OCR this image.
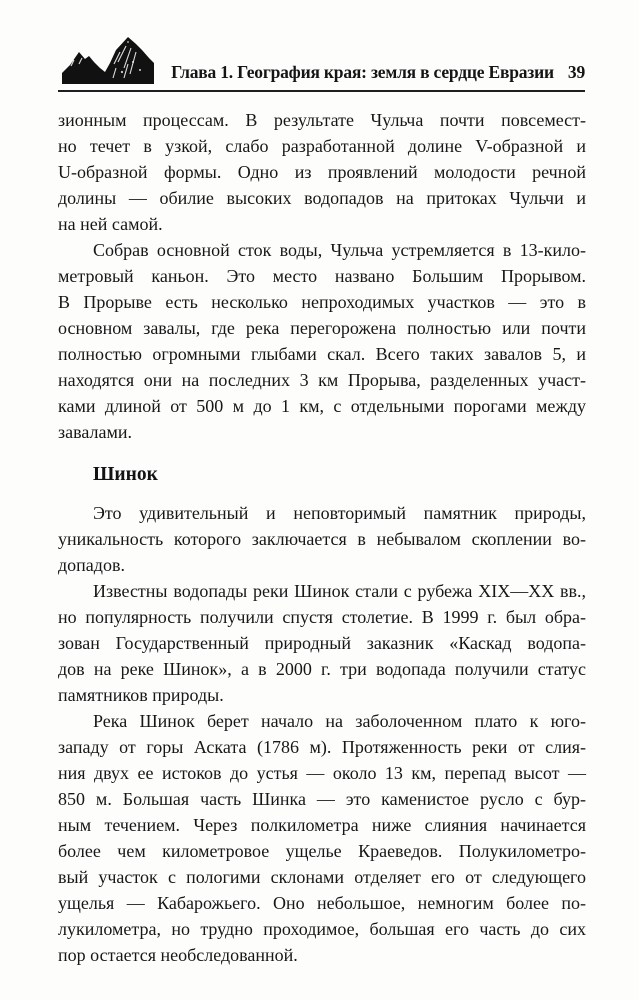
Глава 1. География края: земля в сердце Евразии 39
зионным процессам. В результате Чульча почти повсемест-
но течет в узкой, слабо разработанной долине V-образной и
U-образной формы. Одно из проявлений молодости речной
долины — обилие высоких водопадов на притоках Чульчи и
на ней самой.
Собрав основной сток воды, Чульча устремляется в 13-кило-
метровый каньон. Это место названо Большим Прорывом.
В Прорыве есть несколько непроходимых участков — это в
основном завалы, где река перегорожена полностью или почти
полностью огромными глыбами скал. Всего таких завалов 5, и
находятся они на последних 3 км Прорыва, разделенных участ-
ками длиной от 500 м до 1 км, с отдельными порогами между
завалами.
Шинок
Это удивительный и неповторимый памятник природы,
уникальность которого заключается в небывалом скоплении во-
допадов.
Известны водопады реки Шинок стали с рубежа XIX—XX вв.,
но популярность получили спустя столетие. В 1999 г. был обра-
зован Государственный природный заказник «Каскад водопа-
дов на реке Шинок», а в 2000 г. три водопада получили статус
памятников природы.
Река Шинок берет начало на заболоченном плато к юго-
западу от горы Аската (1786 м). Протяженность реки от слия-
ния двух ее истоков до устья — около 13 км, перепад высот —
850 м. Большая часть Шинка — это каменистое русло с бур-
ным течением. Через полкилометра ниже слияния начинается
более чем километровое ущелье Краеведов. Полукилометро-
вый участок с пологими склонами отделяет его от следующего
ущелья — Кабарожьего. Оно небольшое, немногим более по-
лукилометра, но трудно проходимое, большая его часть до сих
пор остается необследованной.
